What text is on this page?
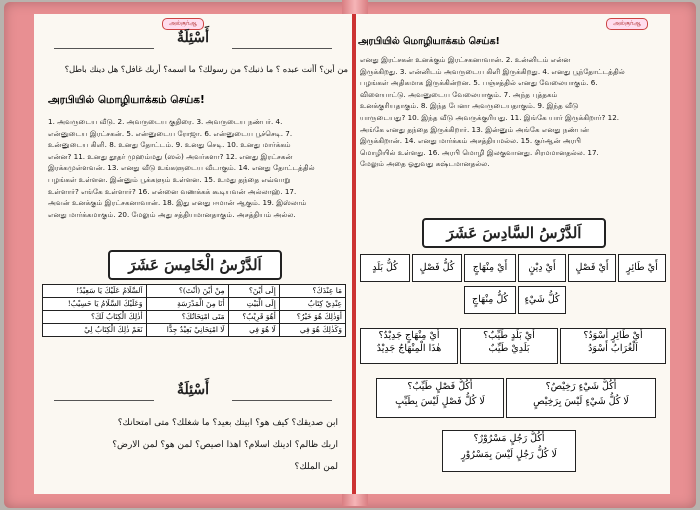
அல்குர்ஆ
أَسْئِلَةٌ
من أين؟ أأنت عبده ؟ ما ذنبك؟ من رسولك؟ ما اسمه؟ أربك غافل؟ هل دينك باطل؟
அரபியில் மொழியாக்கம் செய்க!
1. அவருடைய வீடு. 2. அவருடைய குதிரை. 3. அவருடைய நண்பர். 4.
என்னுடைய இரட்சகன். 5. என்னுடைய ரோஜா. 6. என்னுடைய பூச்செடி. 7.
உன்னுடைய கிளி. 8. உனது தோட்டம். 9. உனது செடி. 10. உனது மார்க்கம்
என்ன? 11. உனது தூதர் முஹம்மது (ஸல்) அவர்களா? 12. எனது இரட்சகன்
இரக்கமுள்ளவன். 13. எனது வீடு உங்களுடைய வீடாகும். 14. எனது தோட்டத்தில்
பழங்கள் உள்ளன. இன்னும் பூக்களும் உள்ளன. 15. உமது தந்தை எவ்வாறு
உள்ளார்? எங்கே உள்ளார்? 16. என்னை வணக்கக் கூடியவன் அல்லாஹ். 17.
அவன் உனக்கும் இரட்சகனாவான். 18. இது எனது ஈமான் ஆகும். 19. இஸ்லாம்
எனது மார்க்கமாகும். 20. மேலும் அது சத்தியமானதாகும். அசத்தியம் அல்ல.
اَلدَّرْسُ الْخَامِسَ عَشَرَ
اَلسَّلَامُ عَلَيْكَ يَا سَعِيْدُ!	مِنْ أَيْنَ (أَنْتَ)؟	إِلَى أَيْنَ؟	مَا عِنْدَكَ؟
وَعَلَيْكَ السَّلَامُ يَا حَسِيْبُ!	أَنَا مِنَ الْمَدْرَسَةِ	إِلَى الْبَيْتِ	عِنْدِيْ كِتَابٌ
أَذٰلِكَ الْكِتَابُ لَكَ؟	مَتَى امْتِحَانُكَ؟	أَهُوَ قَرِيْبٌ؟	أَوَذٰلِكَ هُوَ خَيْرٌ؟
نَعَمْ ذٰلِكَ الْكِتَابُ لِيْ	لَا امْتِحَانِيْ بَعِيْدٌ جِدًّا	لَا هُوَ فِي	وَكَذٰلِكَ هُوَ فِي
أَسْئِلَةٌ
ابن صديقك؟ كيف هو؟ ابيتك بعيد؟ ما شغلك؟ متى امتحانك؟
اربك ظالم؟ ادينك اسلام؟ اهذا اصيص؟ لمن هو؟ لمن الارض؟
لمن الملك؟
அல்குர்ஆ
அரபியில் மொழியாக்கம் செய்க!
எனது இரட்சகன் உனக்கும் இரட்சகனாவான். 2. உன்னிடம் என்ன
இருக்கிறது. 3. என்னிடம் அவருடைய கிளி இருக்கிறது. 4. எனது பூந்தோட்டத்தில்
பழங்கள் அதிகமாக இருக்கின்றன. 5. பஞ்சத்தில் எனது வேலையாகும். 6.
விளையாட்டு. அவனுடைய வேலையாகும். 7. அந்த புத்தகம்
உனக்குரியதாகும். 8. இந்த பேனா அவருடையதாகும். 9. இந்த வீடு
யாருடையது? 10. இந்த வீடு அவருக்குரியது. 11. இங்கே யார் இருக்கிறார்? 12.
அங்கே எனது தந்தை இருக்கிறார். 13. இன்னும் அங்கே எனது நண்பன்
இருக்கிறான். 14. எனது மார்க்கம் அசத்தியமல்ல. 15. குர்ஆன் அரபி
மொழியில் உள்ளது. 16. அரபி மொழி இலகுவானது. சிரமமானதல்ல. 17.
மேலும் அதை ஓதுவது கஷ்டமானதல்ல.
اَلدَّرْسُ السَّادِسَ عَشَرَ
أَيْ طَائِرٍ
أَيْ فَصْلٍ
أَيْ دِيْنٍ
أَيْ مِنْهَاجٍ
كُلُّ فَصْلٍ
كُلُّ بَلَدٍ
كُلُّ شَيْءٍ
كُلُّ مِنْهَاجٍ
أَيْ طَائِرٍ أَسْوَدُ؟
اَلْغُرَابُ أَسْوَدُ
أَيْ بَلَدٍ طَيِّبٌ؟
بَلَدِيْ طَيِّبٌ
أَيْ مِنْهَاجٍ جَدِيْدٌ؟
هٰذَا الْمِنْهَاجُ جَدِيْدٌ
أَكُلُّ شَيْءٍ رَخِيْصٌ؟
لَا كُلُّ شَيْءٍ لَيْسَ بِرَخِيْصٍ
أَكُلُّ فَصْلٍ طَيِّبٌ؟
لَا كُلُّ فَصْلٍ لَيْسَ بِطَيِّبٍ
أَكُلُّ رَجُلٍ مَسْرُوْرٌ؟
لَا كُلُّ رَجُلٍ لَيْسَ بِمَسْرُوْرٍ
